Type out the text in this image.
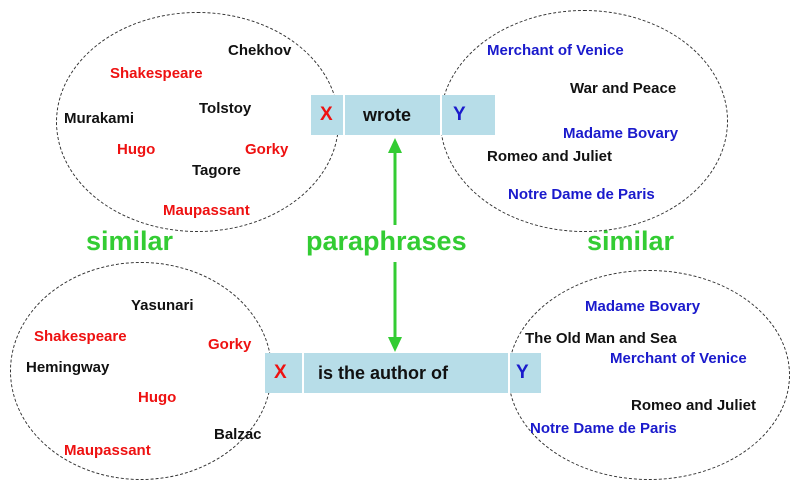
Chekhov
Shakespeare
Murakami
Tolstoy
Hugo	Gorky
Tagore
Maupassant
Merchant of Venice
War and Peace
Madame Bovary
Romeo and Juliet
Notre Dame de Paris
X wrote Y
similar	paraphrases	similar
Yasunari
Shakespeare	Gorky
Hemingway
Hugo
Balzac
Maupassant
X is the author of	Y
Madame Bovary
The Old Man and Sea
Merchant of Venice
Romeo and Juliet
Notre Dame de Paris
